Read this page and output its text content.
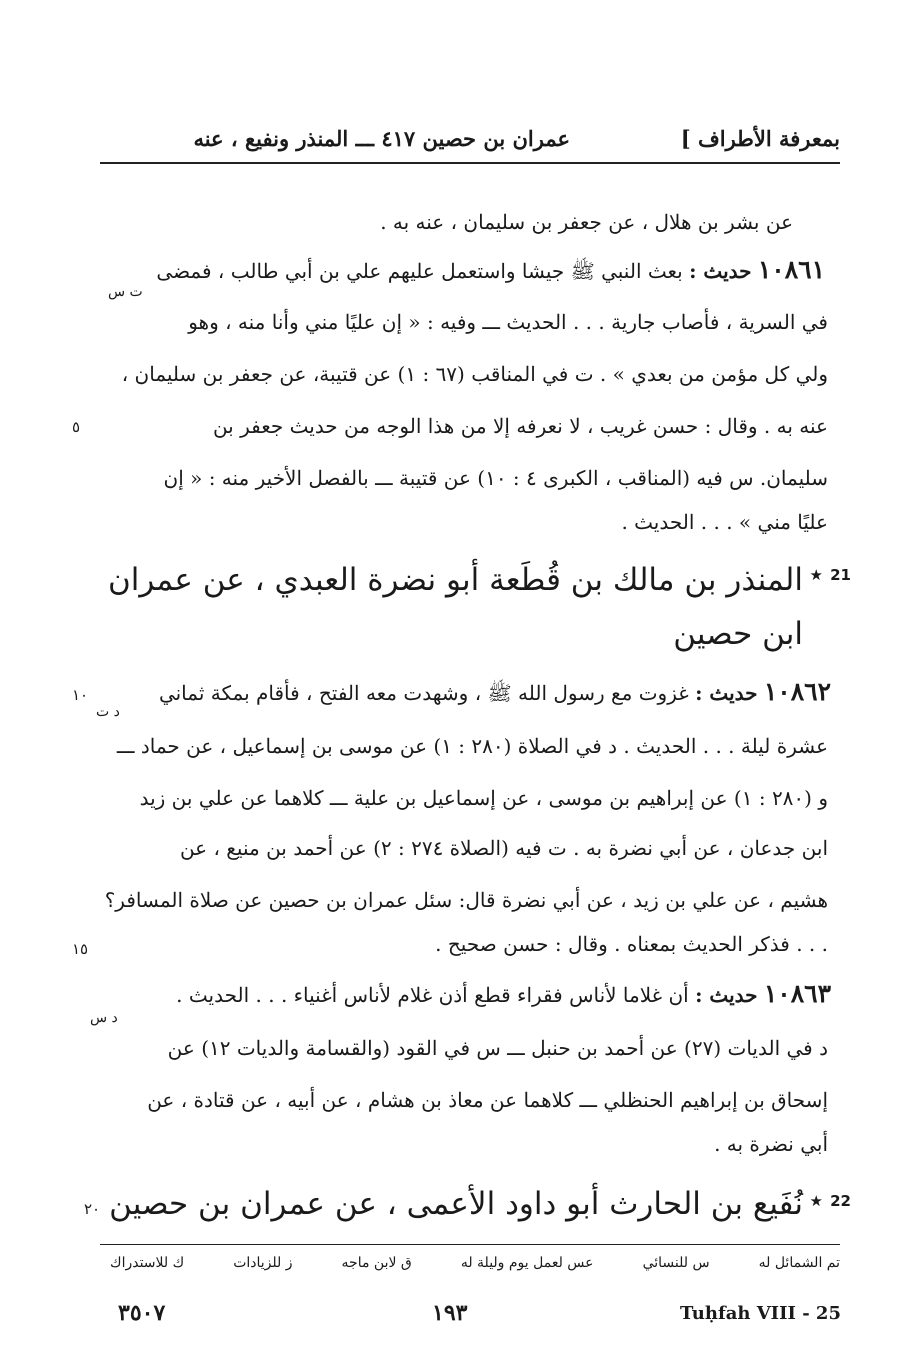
بمعرفة الأطراف ]
عمران بن حصين ٤١٧ ـــ المنذر ونفيع ، عنه
عن بشر بن هلال ، عن جعفر بن سليمان ، عنه به .
١٠٨٦١ حديث : بعث النبي ﷺ جيشا واستعمل عليهم علي بن أبي طالب ، فمضى
ت س
في السرية ، فأصاب جارية . . . الحديث ـــ وفيه : « إن عليًا مني وأنا منه ، وهو
ولي كل مؤمن من بعدي » . ت في المناقب (٦٧ : ١) عن قتيبة، عن جعفر بن سليمان ،
عنه به . وقال : حسن غريب ، لا نعرفه إلا من هذا الوجه من حديث جعفر بن
٥
سليمان. س فيه (المناقب ، الكبرى ٤ : ١٠) عن قتيبة ـــ بالفصل الأخير منه : « إن
عليًا مني » . . . الحديث .
21
★
المنذر بن مالك بن قُطَعة أبو نضرة العبدي ، عن عمران
ابن حصين
١٠٨٦٢ حديث : غزوت مع رسول الله ﷺ ، وشهدت معه الفتح ، فأقام بمكة ثماني
١٠
د ت
عشرة ليلة . . . الحديث . د في الصلاة (٢٨٠ : ١) عن موسى بن إسماعيل ، عن حماد ـــ
و (٢٨٠ : ١) عن إبراهيم بن موسى ، عن إسماعيل بن علية ـــ كلاهما عن علي بن زيد
ابن جدعان ، عن أبي نضرة به . ت فيه (الصلاة ٢٧٤ : ٢) عن أحمد بن منيع ، عن
هشيم ، عن علي بن زيد ، عن أبي نضرة قال: سئل عمران بن حصين عن صلاة المسافر؟
. . . فذكر الحديث بمعناه . وقال : حسن صحيح .
١٥
١٠٨٦٣ حديث : أن غلاما لأناس فقراء قطع أذن غلام لأناس أغنياء . . . الحديث .
د س
د في الديات (٢٧) عن أحمد بن حنبل ـــ س في القود (والقسامة والديات ١٢) عن
إسحاق بن إبراهيم الحنظلي ـــ كلاهما عن معاذ بن هشام ، عن أبيه ، عن قتادة ، عن
أبي نضرة به .
22
★
نُفَيع بن الحارث أبو داود الأعمى ، عن عمران بن حصين
٢٠
تم الشمائل له
س للنسائي
عس لعمل يوم وليلة له
ق لابن ماجه
ز للزيادات
ك للاستدراك
٣٥٠٧	١٩٣	Tuḥfah VIII - 25
